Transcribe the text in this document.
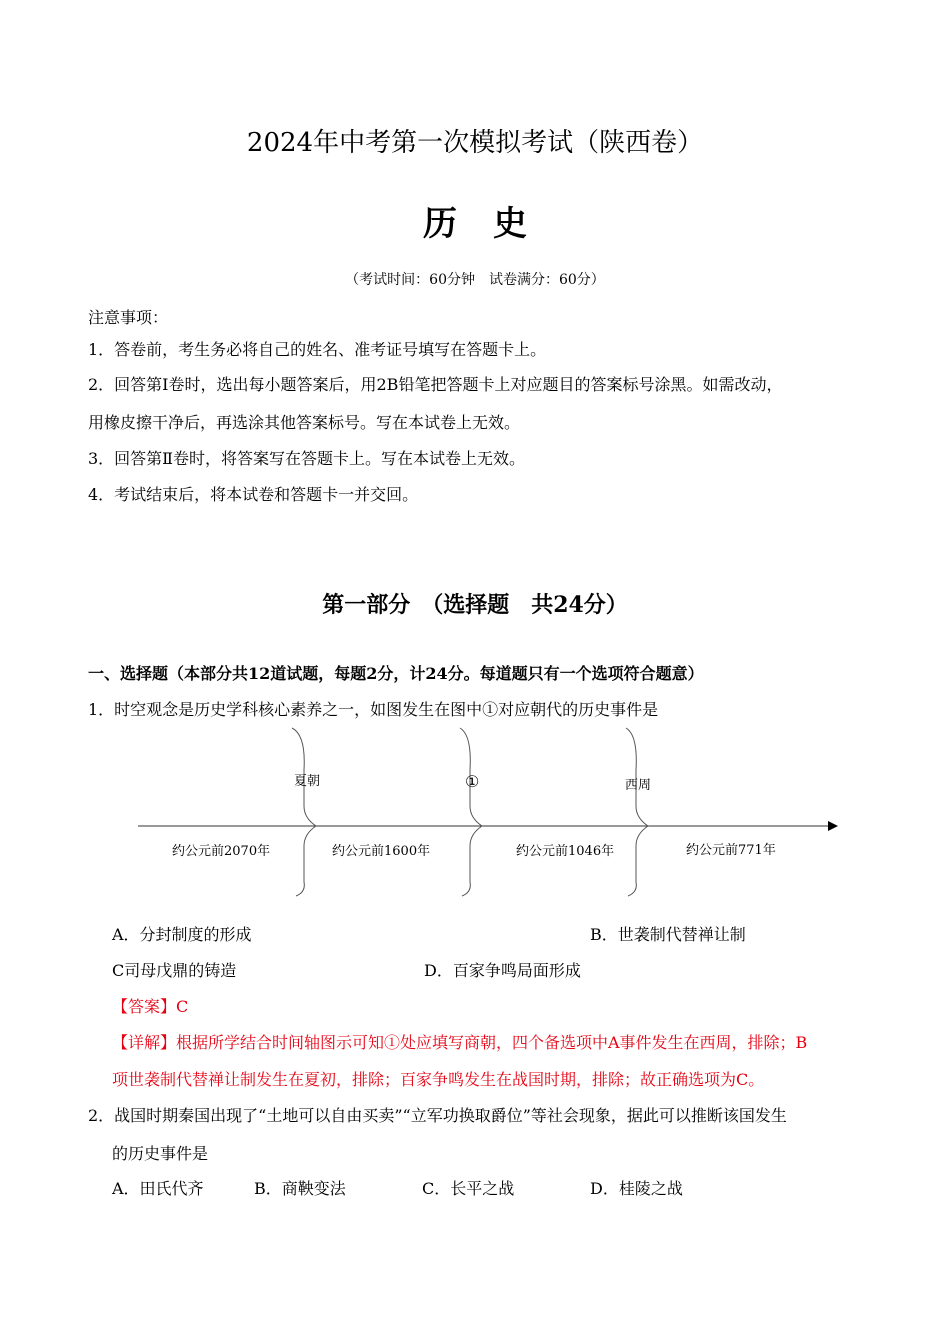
2024年中考第一次模拟考试（陕西卷）
历史
（考试时间：60分钟　试卷满分：60分）
注意事项：
1．答卷前，考生务必将自己的姓名、准考证号填写在答题卡上。
2．回答第Ⅰ卷时，选出每小题答案后，用2B铅笔把答题卡上对应题目的答案标号涂黑。如需改动，
用橡皮擦干净后，再选涂其他答案标号。写在本试卷上无效。
3．回答第Ⅱ卷时，将答案写在答题卡上。写在本试卷上无效。
4．考试结束后，将本试卷和答题卡一并交回。
第一部分　（选择题　共24分）
一、选择题（本部分共12道试题，每题2分，计24分。每道题只有一个选项符合题意）
1．时空观念是历史学科核心素养之一，如图发生在图中①对应朝代的历史事件是
夏朝	①	西周
约公元前2070年	约公元前1600年	约公元前1046年	约公元前771年
A．分封制度的形成	B．世袭制代替禅让制
C司母戊鼎的铸造	D．百家争鸣局面形成
【答案】C
【详解】根据所学结合时间轴图示可知①处应填写商朝，四个备选项中A事件发生在西周，排除；B
项世袭制代替禅让制发生在夏初，排除；百家争鸣发生在战国时期，排除；故正确选项为C。
2．战国时期秦国出现了“土地可以自由买卖”“立军功换取爵位”等社会现象，据此可以推断该国发生
的历史事件是
A．田氏代齐	B．商鞅变法	C．长平之战	D．桂陵之战
